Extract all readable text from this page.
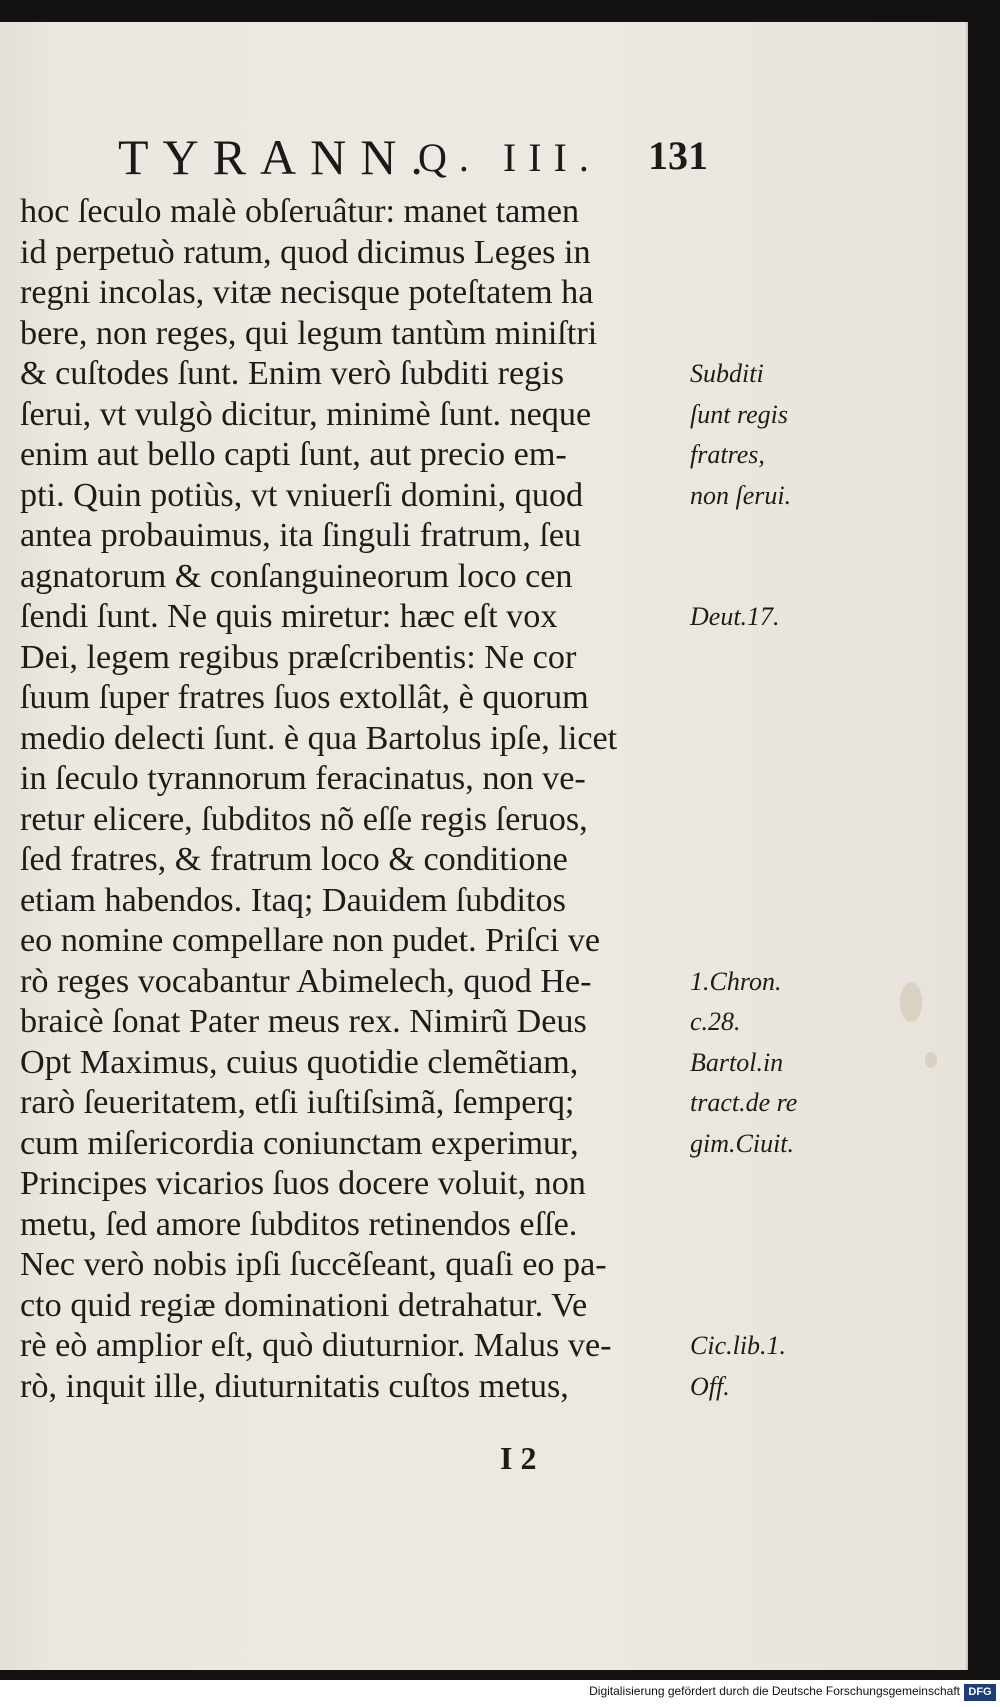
TYRANN.
Q. III. 131
hoc ſeculo malè obſeruâtur: manet tamen
id perpetuò ratum, quod dicimus Leges in
regni incolas, vitæ necisque poteſtatem ha
bere, non reges, qui legum tantùm miniſtri
& cuſtodes ſunt. Enim verò ſubditi regis
ſerui, vt vulgò dicitur, minimè ſunt. neque
enim aut bello capti ſunt, aut precio em-
pti. Quin potiùs, vt vniuerſi domini, quod
antea probauimus, ita ſinguli fratrum, ſeu
agnatorum & conſanguineorum loco cen
ſendi ſunt. Ne quis miretur: hæc eſt vox
Dei, legem regibus præſcribentis: Ne cor
ſuum ſuper fratres ſuos extollât, è quorum
medio delecti ſunt. è qua Bartolus ipſe, licet
in ſeculo tyrannorum feracinatus, non ve-
retur elicere, ſubditos nõ eſſe regis ſeruos,
ſed fratres, & fratrum loco & conditione
etiam habendos. Itaq; Dauidem ſubditos
eo nomine compellare non pudet. Priſci ve
rò reges vocabantur Abimelech, quod He-
braicè ſonat Pater meus rex. Nimirũ Deus
Opt Maximus, cuius quotidie clemẽtiam,
rarò ſeueritatem, etſi iuſtiſsimã, ſemperq;
cum miſericordia coniunctam experimur,
Principes vicarios ſuos docere voluit, non
metu, ſed amore ſubditos retinendos eſſe.
Nec verò nobis ipſi ſuccẽſeant, quaſi eo pa-
cto quid regiæ dominationi detrahatur. Ve
rè eò amplior eſt, quò diuturnior. Malus ve-
rò, inquit ille, diuturnitatis cuſtos metus,
Subditi
ſunt regis
fratres,
non ſerui.
Deut.17.
1.Chron.
c.28.
Bartol.in
tract.de re
gim.Ciuit.
Cic.lib.1.
Off.
I 2
Digitalisierung gefördert durch die Deutsche Forschungsgemeinschaft DFG
